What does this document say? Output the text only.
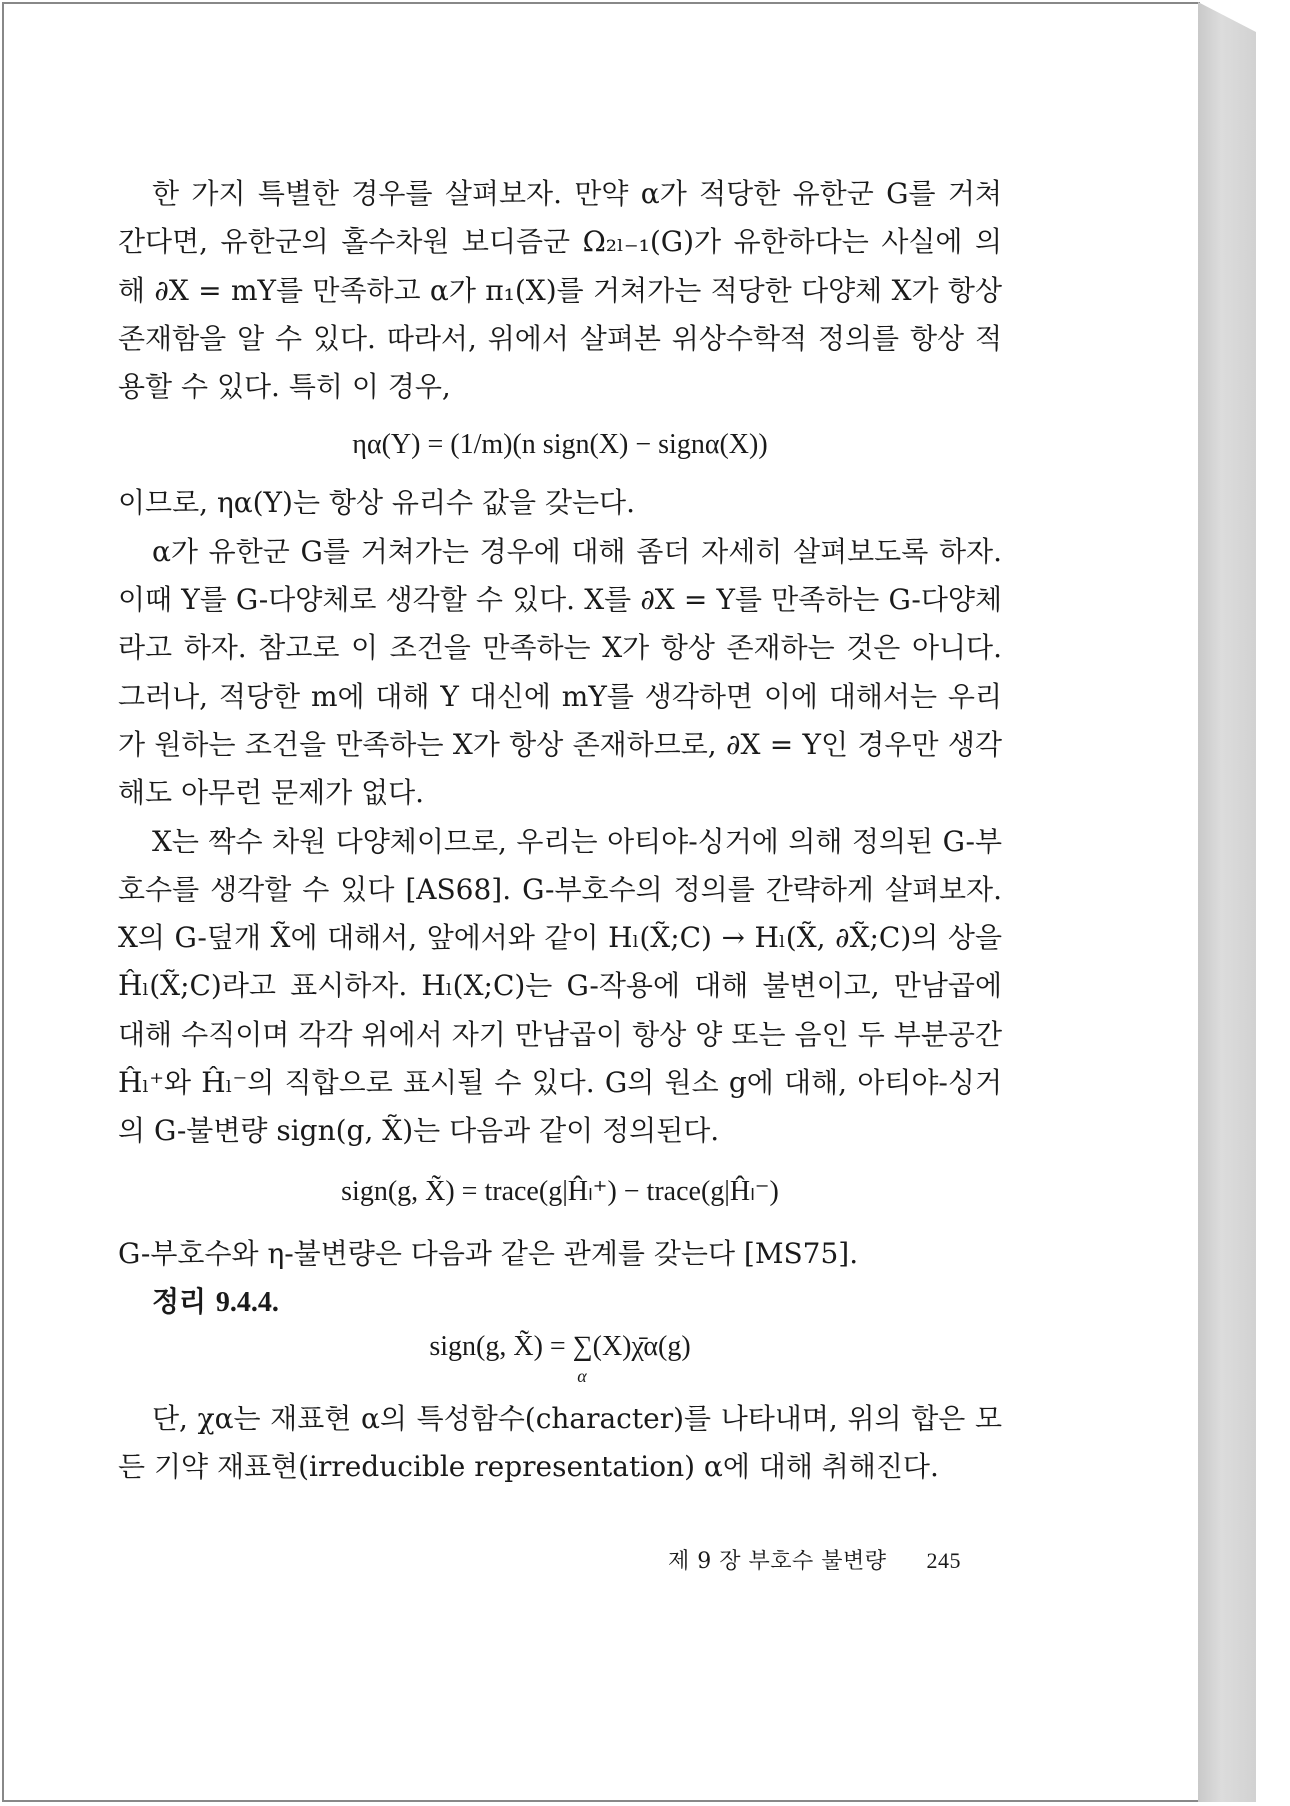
한 가지 특별한 경우를 살펴보자. 만약 α가 적당한 유한군 G를 거쳐 간다면, 유한군의 홀수차원 보디즘군 Ω₂ₗ₋₁(G)가 유한하다는 사실에 의해 ∂X = mY를 만족하고 α가 π₁(X)를 거쳐가는 적당한 다양체 X가 항상 존재함을 알 수 있다. 따라서, 위에서 살펴본 위상수학적 정의를 항상 적용할 수 있다. 특히 이 경우,

ηα(Y) = (1/m)(n sign(X) − signα(X))

이므로, ηα(Y)는 항상 유리수 값을 갖는다.

α가 유한군 G를 거쳐가는 경우에 대해 좀더 자세히 살펴보도록 하자. 이때 Y를 G-다양체로 생각할 수 있다. X를 ∂X = Y를 만족하는 G-다양체라고 하자. 참고로 이 조건을 만족하는 X가 항상 존재하는 것은 아니다. 그러나, 적당한 m에 대해 Y 대신에 mY를 생각하면 이에 대해서는 우리가 원하는 조건을 만족하는 X가 항상 존재하므로, ∂X = Y인 경우만 생각해도 아무런 문제가 없다.

X는 짝수 차원 다양체이므로, 우리는 아티야-싱거에 의해 정의된 G-부호수를 생각할 수 있다 [AS68]. G-부호수의 정의를 간략하게 살펴보자. X의 G-덮개 X̃에 대해서, 앞에서와 같이 Hₗ(X̃;C) → Hₗ(X̃, ∂X̃;C)의 상을 Ĥₗ(X̃;C)라고 표시하자. Hₗ(X;C)는 G-작용에 대해 불변이고, 만남곱에 대해 수직이며 각각 위에서 자기 만남곱이 항상 양 또는 음인 두 부분공간 Ĥₗ⁺와 Ĥₗ⁻의 직합으로 표시될 수 있다. G의 원소 g에 대해, 아티야-싱거의 G-불변량 sign(g, X̃)는 다음과 같이 정의된다.

sign(g, X̃) = trace(g|Ĥₗ⁺) − trace(g|Ĥₗ⁻)

G-부호수와 η-불변량은 다음과 같은 관계를 갖는다 [MS75].

정리 9.4.4.
sign(g, X̃) = ∑(X)χ̄α(g)
α

단, χα는 재표현 α의 특성함수(character)를 나타내며, 위의 합은 모든 기약 재표현(irreducible representation) α에 대해 취해진다.

제 9 장 부호수 불변량 245
